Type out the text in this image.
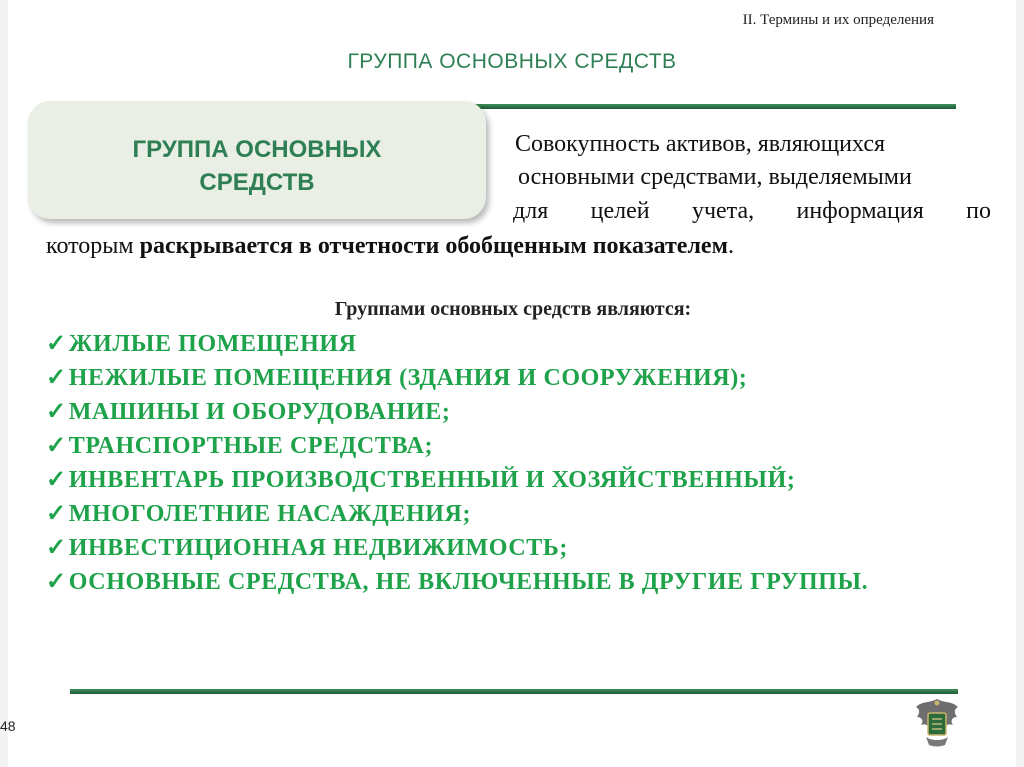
II. Термины и их определения
ГРУППА ОСНОВНЫХ СРЕДСТВ
ГРУППА ОСНОВНЫХ
СРЕДСТВ
Совокупность активов, являющихся
основными средствами, выделяемыми
для целей учета, информация по
которым раскрывается в отчетности обобщенным показателем.
Группами основных средств являются:
✓ЖИЛЫЕ ПОМЕЩЕНИЯ
✓НЕЖИЛЫЕ ПОМЕЩЕНИЯ (ЗДАНИЯ И СООРУЖЕНИЯ);
✓МАШИНЫ И ОБОРУДОВАНИЕ;
✓ТРАНСПОРТНЫЕ СРЕДСТВА;
✓ИНВЕНТАРЬ ПРОИЗВОДСТВЕННЫЙ И ХОЗЯЙСТВЕННЫЙ;
✓МНОГОЛЕТНИЕ НАСАЖДЕНИЯ;
✓ИНВЕСТИЦИОННАЯ НЕДВИЖИМОСТЬ;
✓ОСНОВНЫЕ СРЕДСТВА, НЕ ВКЛЮЧЕННЫЕ В ДРУГИЕ ГРУППЫ.
48
